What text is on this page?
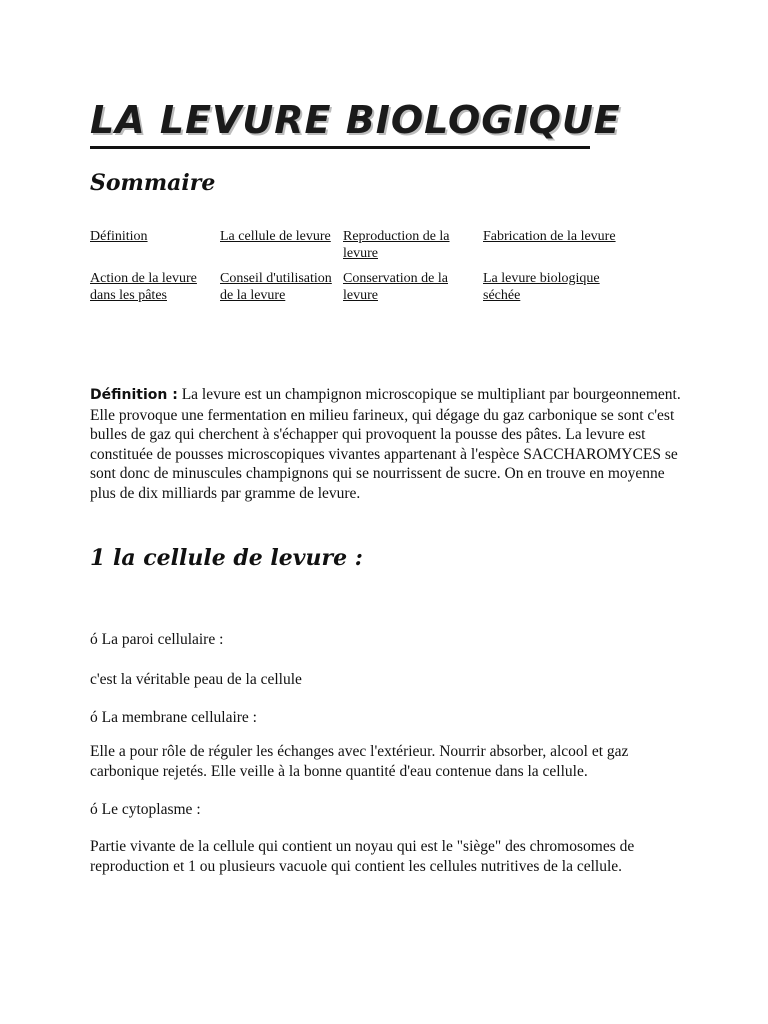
LA LEVURE BIOLOGIQUE
Sommaire
Définition	La cellule de levure Reproduction de la levure
Fabrication de la levure
Action de la levure dans les pâtes
Conseil d'utilisation de la levure
Conservation de la levure
La levure biologique séchée
Définition : La levure est un champignon microscopique se multipliant par bourgeonnement. Elle provoque une fermentation en milieu farineux, qui dégage du gaz carbonique se sont c'est bulles de gaz qui cherchent à s'échapper qui provoquent la pousse des pâtes. La levure est constituée de pousses microscopiques vivantes appartenant à l'espèce SACCHAROMYCES se sont donc de minuscules champignons qui se nourrissent de sucre. On en trouve en moyenne plus de dix milliards par gramme de levure.
1 la cellule de levure :

ó La paroi cellulaire :

c'est la véritable peau de la cellule

ó La membrane cellulaire :

Elle a pour rôle de réguler les échanges avec l'extérieur. Nourrir absorber, alcool et gaz carbonique rejetés. Elle veille à la bonne quantité d'eau contenue dans la cellule.

ó Le cytoplasme :

Partie vivante de la cellule qui contient un noyau qui est le "siège" des chromosomes de reproduction et 1 ou plusieurs vacuole qui contient les cellules nutritives de la cellule.
